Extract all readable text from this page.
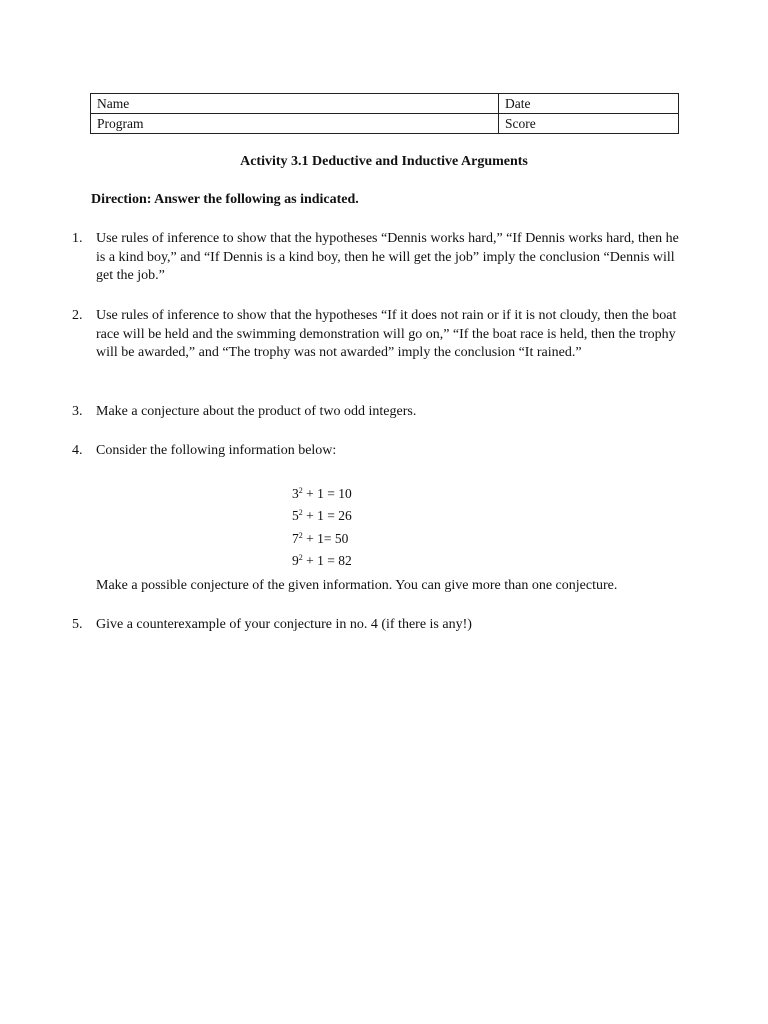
Name	Date
Program	Score
Activity 3.1 Deductive and Inductive Arguments
Direction: Answer the following as indicated.
1. Use rules of inference to show that the hypotheses “Dennis works hard,” “If Dennis works hard, then he is a kind boy,” and “If Dennis is a kind boy, then he will get the job” imply the conclusion “Dennis will get the job.”
2. Use rules of inference to show that the hypotheses “If it does not rain or if it is not cloudy, then the boat race will be held and the swimming demonstration will go on,” “If the boat race is held, then the trophy will be awarded,” and “The trophy was not awarded” imply the conclusion “It rained.”
3. Make a conjecture about the product of two odd integers.
4. Consider the following information below:
$3^2 + 1 = 10$
$5^2 + 1 = 26$
$7^2 + 1= 50$
$9^2 + 1 = 82$
Make a possible conjecture of the given information. You can give more than one conjecture.
5. Give a counterexample of your conjecture in no. 4 (if there is any!)
